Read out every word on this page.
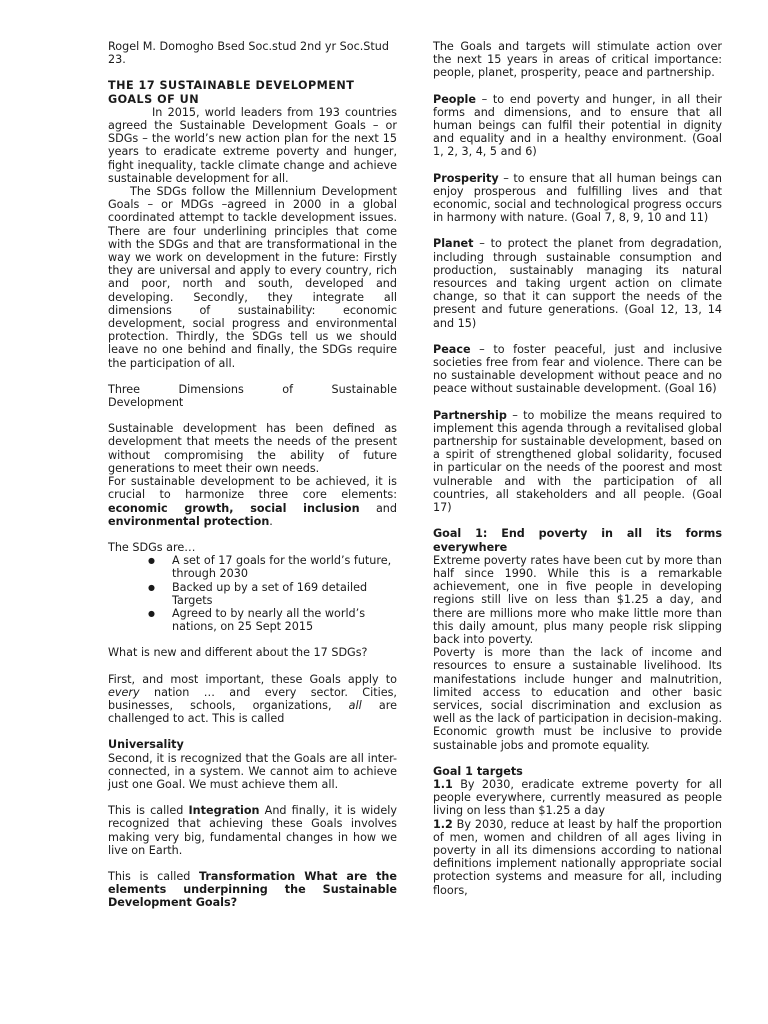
Rogel M. Domogho Bsed Soc.stud 2nd yr Soc.Stud 23.

THE 17 SUSTAINABLE DEVELOPMENT GOALS OF UN

In 2015, world leaders from 193 countries agreed the Sustainable Development Goals – or SDGs – the world’s new action plan for the next 15 years to eradicate extreme poverty and hunger, fight inequality, tackle climate change and achieve sustainable development for all.

The SDGs follow the Millennium Development Goals – or MDGs –agreed in 2000 in a global coordinated attempt to tackle development issues. There are four underlining principles that come with the SDGs and that are transformational in the way we work on development in the future: Firstly they are universal and apply to every country, rich and poor, north and south, developed and developing. Secondly, they integrate all dimensions of sustainability: economic development, social progress and environmental protection. Thirdly, the SDGs tell us we should leave no one behind and finally, the SDGs require the participation of all.

Three	Dimensions	of	Sustainable

Development

Sustainable development has been defined as development that meets the needs of the present without compromising the ability of future generations to meet their own needs.

For sustainable development to be achieved, it is crucial to harmonize three core elements: economic growth, social inclusion and environmental protection.

The SDGs are…

● A set of 17 goals for the world’s future, through 2030
● Backed up by a set of 169 detailed Targets
● Agreed to by nearly all the world’s nations, on 25 Sept 2015

What is new and different about the 17 SDGs?

First, and most important, these Goals apply to every nation … and every sector. Cities, businesses, schools, organizations, all are challenged to act. This is called

Universality

Second, it is recognized that the Goals are all inter-connected, in a system. We cannot aim to achieve just one Goal. We must achieve them all.

This is called Integration And finally, it is widely recognized that achieving these Goals involves making very big, fundamental changes in how we live on Earth.

This is called Transformation What are the elements underpinning the Sustainable Development Goals?

The Goals and targets will stimulate action over the next 15 years in areas of critical importance: people, planet, prosperity, peace and partnership.

People – to end poverty and hunger, in all their forms and dimensions, and to ensure that all human beings can fulfil their potential in dignity and equality and in a healthy environment. (Goal 1, 2, 3, 4, 5 and 6)

Prosperity – to ensure that all human beings can enjoy prosperous and fulfilling lives and that economic, social and technological progress occurs in harmony with nature. (Goal 7, 8, 9, 10 and 11)

Planet – to protect the planet from degradation, including through sustainable consumption and production, sustainably managing its natural resources and taking urgent action on climate change, so that it can support the needs of the present and future generations. (Goal 12, 13, 14 and 15)

Peace – to foster peaceful, just and inclusive societies free from fear and violence. There can be no sustainable development without peace and no peace without sustainable development. (Goal 16)

Partnership – to mobilize the means required to implement this agenda through a revitalised global partnership for sustainable development, based on a spirit of strengthened global solidarity, focused in particular on the needs of the poorest and most vulnerable and with the participation of all countries, all stakeholders and all people. (Goal 17)

Goal 1: End poverty in all its forms everywhere

Extreme poverty rates have been cut by more than half since 1990. While this is a remarkable achievement, one in five people in developing regions still live on less than $1.25 a day, and there are millions more who make little more than this daily amount, plus many people risk slipping back into poverty.

Poverty is more than the lack of income and resources to ensure a sustainable livelihood. Its manifestations include hunger and malnutrition, limited access to education and other basic services, social discrimination and exclusion as well as the lack of participation in decision-making. Economic growth must be inclusive to provide sustainable jobs and promote equality.

Goal 1 targets

1.1 By 2030, eradicate extreme poverty for all people everywhere, currently measured as people living on less than $1.25 a day

1.2 By 2030, reduce at least by half the proportion of men, women and children of all ages living in poverty in all its dimensions according to national definitions implement nationally appropriate social protection systems and measure for all, including floors,
